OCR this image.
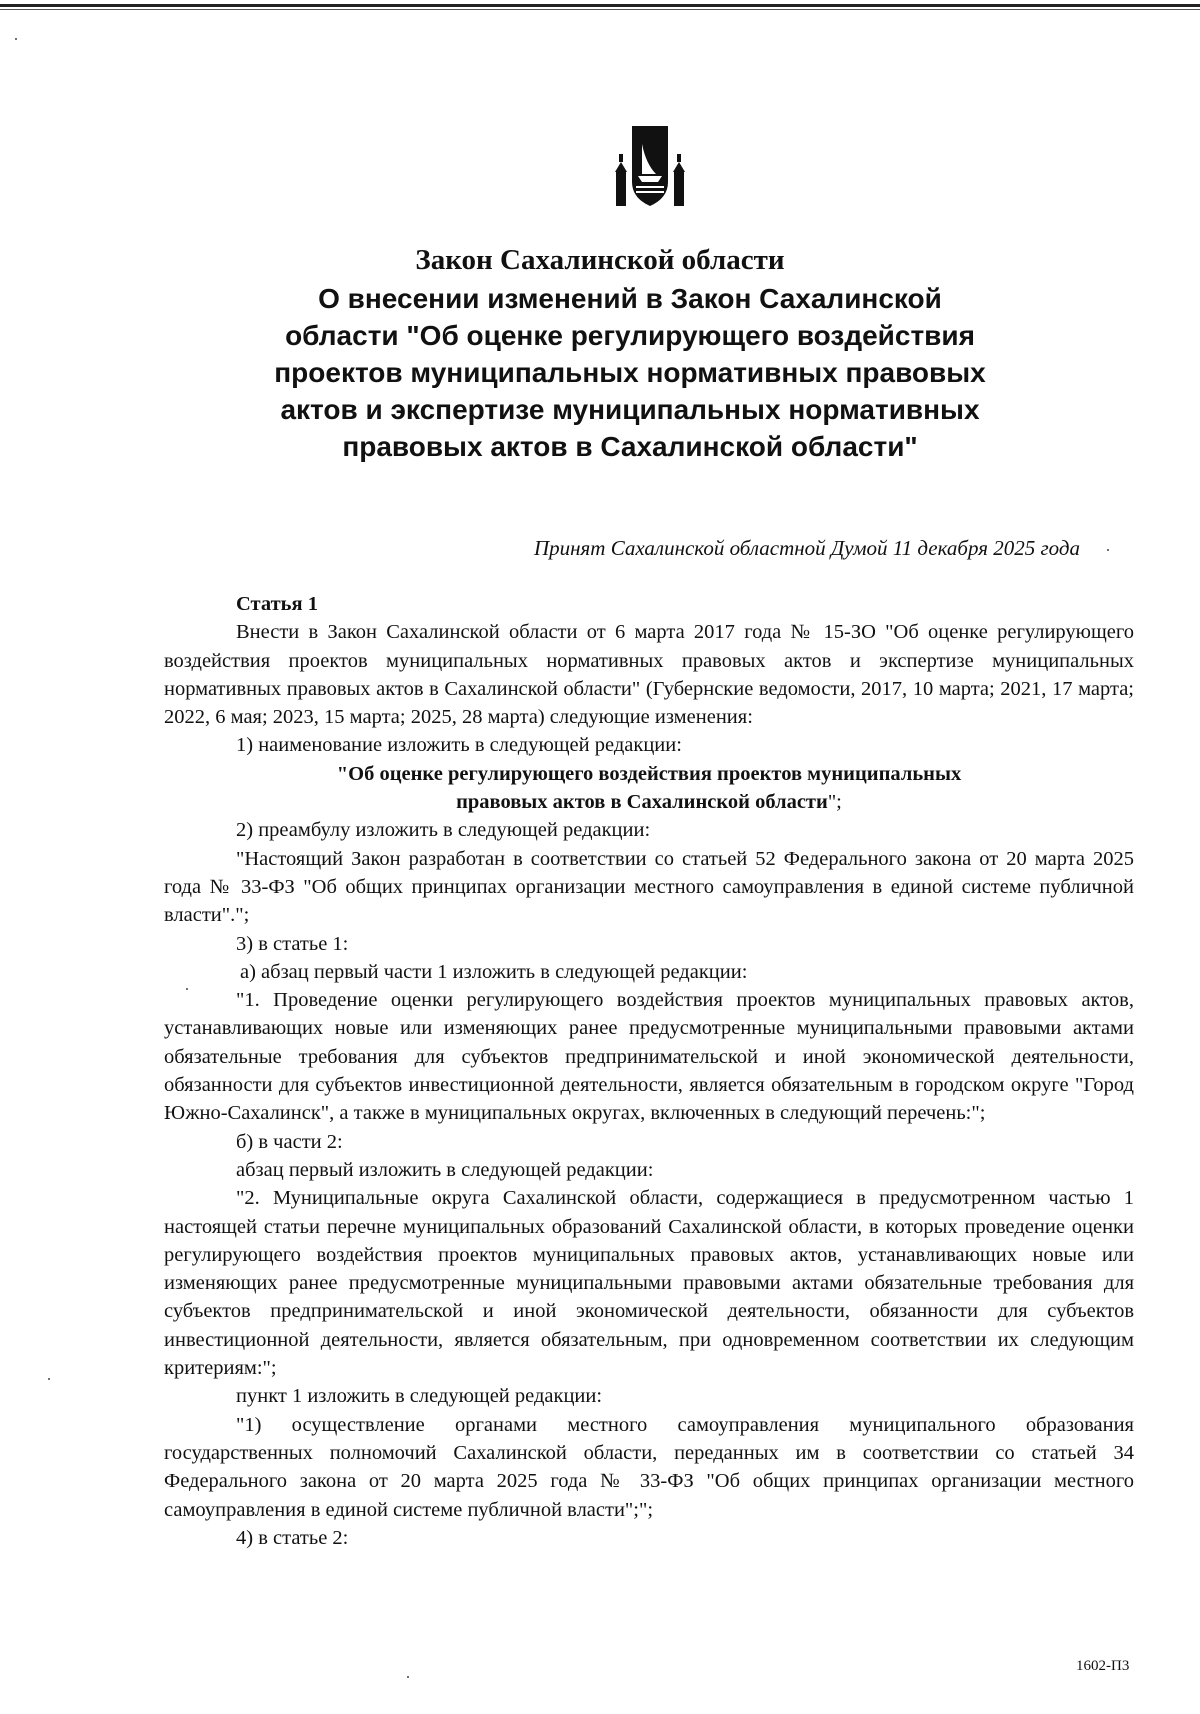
Закон Сахалинской области
О внесении изменений в Закон Сахалинской
области "Об оценке регулирующего воздействия
проектов муниципальных нормативных правовых
актов и экспертизе муниципальных нормативных
правовых актов в Сахалинской области"
Принят Сахалинской областной Думой 11 декабря 2025 года

Статья 1

Внести в Закон Сахалинской области от 6 марта 2017 года № 15-ЗО "Об оценке регулирующего воздействия проектов муниципальных нормативных правовых актов и экспертизе муниципальных нормативных правовых актов в Сахалинской области" (Губернские ведомости, 2017, 10 марта; 2021, 17 марта; 2022, 6 мая; 2023, 15 марта; 2025, 28 марта) следующие изменения:

1) наименование изложить в следующей редакции:

"Об оценке регулирующего воздействия проектов муниципальных
правовых актов в Сахалинской области";

2) преамбулу изложить в следующей редакции:

"Настоящий Закон разработан в соответствии со статьей 52 Федерального закона от 20 марта 2025 года № 33-ФЗ "Об общих принципах организации местного самоуправления в единой системе публичной власти".";

3) в статье 1:

а) абзац первый части 1 изложить в следующей редакции:

"1. Проведение оценки регулирующего воздействия проектов муниципальных правовых актов, устанавливающих новые или изменяющих ранее предусмотренные муниципальными правовыми актами обязательные требования для субъектов предпринимательской и иной экономической деятельности, обязанности для субъектов инвестиционной деятельности, является обязательным в городском округе "Город Южно-Сахалинск", а также в муниципальных округах, включенных в следующий перечень:";

б) в части 2:

абзац первый изложить в следующей редакции:

"2. Муниципальные округа Сахалинской области, содержащиеся в предусмотренном частью 1 настоящей статьи перечне муниципальных образований Сахалинской области, в которых проведение оценки регулирующего воздействия проектов муниципальных правовых актов, устанавливающих новые или изменяющих ранее предусмотренные муниципальными правовыми актами обязательные требования для субъектов предпринимательской и иной экономической деятельности, обязанности для субъектов инвестиционной деятельности, является обязательным, при одновременном соответствии их следующим критериям:";

пункт 1 изложить в следующей редакции:

"1) осуществление органами местного самоуправления муниципального образования государственных полномочий Сахалинской области, переданных им в соответствии со статьей 34 Федерального закона от 20 марта 2025 года № 33-ФЗ "Об общих принципах организации местного самоуправления в единой системе публичной власти";";

4) в статье 2:

1602-П3
